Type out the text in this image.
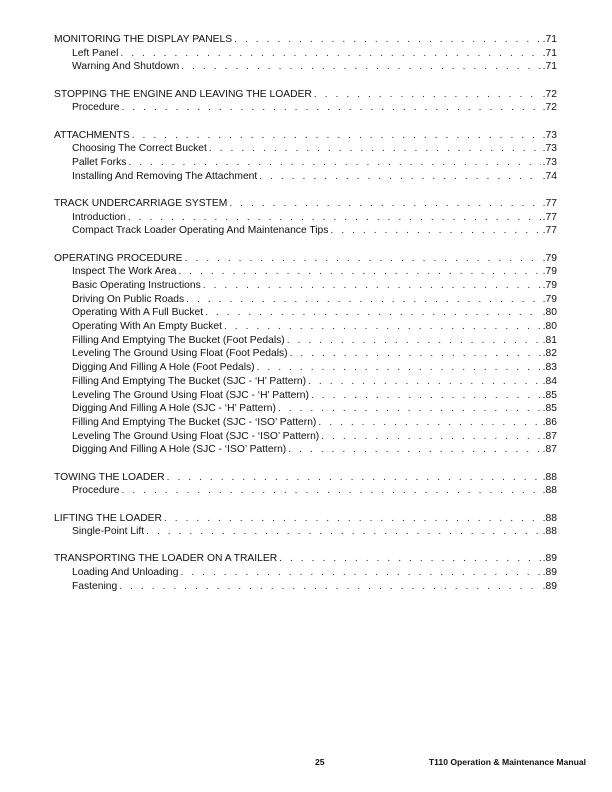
MONITORING THE DISPLAY PANELS . . .	.71
Left Panel . . .	.71
Warning And Shutdown . . .	.71
STOPPING THE ENGINE AND LEAVING THE LOADER . . .	.72
Procedure . . .	.72
ATTACHMENTS . . .	.73
Choosing The Correct Bucket . . .	.73
Pallet Forks . . .	.73
Installing And Removing The Attachment . . .	.74
TRACK UNDERCARRIAGE SYSTEM . . .	.77
Introduction . . .	.77
Compact Track Loader Operating And Maintenance Tips . . .	.77
OPERATING PROCEDURE . . .	.79
Inspect The Work Area . . .	.79
Basic Operating Instructions . . .	.79
Driving On Public Roads . . .	.79
Operating With A Full Bucket . . .	.80
Operating With An Empty Bucket . . .	.80
Filling And Emptying The Bucket (Foot Pedals) . . .	.81
Leveling The Ground Using Float (Foot Pedals) . . .	.82
Digging And Filling A Hole (Foot Pedals) . . .	.83
Filling And Emptying The Bucket (SJC - ‘H’ Pattern) . . .	.84
Leveling The Ground Using Float (SJC - ‘H’ Pattern) . . .	.85
Digging And Filling A Hole (SJC - ‘H’ Pattern) . . .	.85
Filling And Emptying The Bucket (SJC - ‘ISO’ Pattern) . . .	.86
Leveling The Ground Using Float (SJC - ‘ISO’ Pattern) . . .	.87
Digging And Filling A Hole (SJC - ‘ISO’ Pattern) . . .	.87
TOWING THE LOADER . . .	.88
Procedure . . .	.88
LIFTING THE LOADER . . .	.88
Single-Point Lift . . .	.88
TRANSPORTING THE LOADER ON A TRAILER . . .	.89
Loading And Unloading . . .	.89
Fastening . . .	.89
25	T110 Operation & Maintenance Manual
